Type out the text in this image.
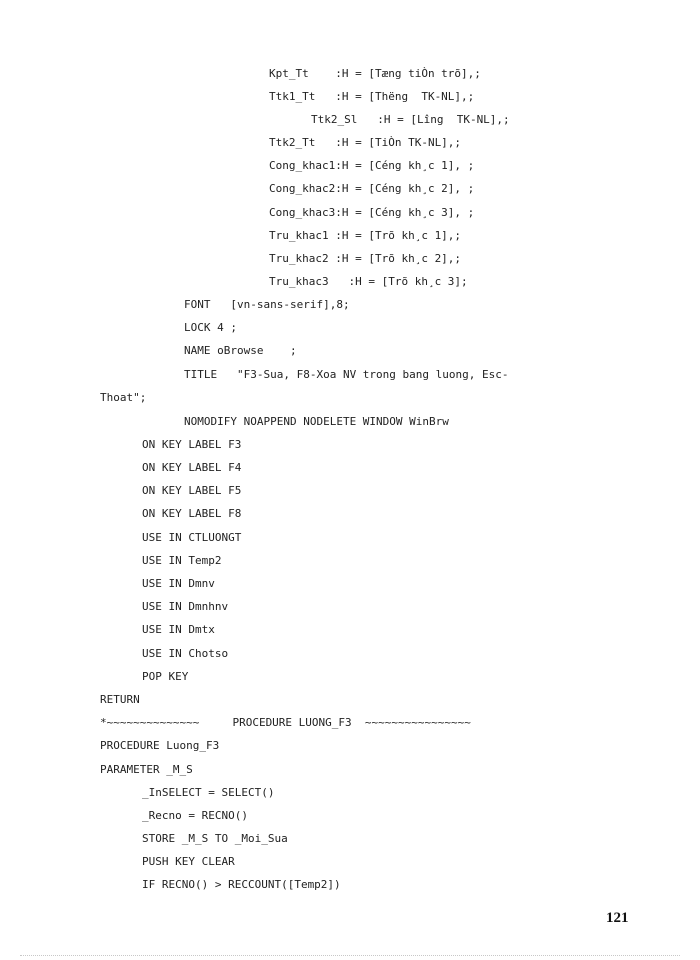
Kpt_Tt    :H = [Tæng tiÒn trõ],;
Ttk1_Tt   :H = [Thëng  TK-NL],;
Ttk2_Sl   :H = [Lîng  TK-NL],;
Ttk2_Tt   :H = [TiÒn TK-NL],;
Cong_khac1:H = [Céng kh¸c 1], ;
Cong_khac2:H = [Céng kh¸c 2], ;
Cong_khac3:H = [Céng kh¸c 3], ;
Tru_khac1 :H = [Trõ kh¸c 1],;
Tru_khac2 :H = [Trõ kh¸c 2],;
Tru_khac3   :H = [Trõ kh¸c 3];
FONT   [vn-sans-serif],8;
LOCK 4 ;
NAME oBrowse    ;
TITLE   "F3-Sua, F8-Xoa NV trong bang luong, Esc-
Thoat";
NOMODIFY NOAPPEND NODELETE WINDOW WinBrw
ON KEY LABEL F3
ON KEY LABEL F4
ON KEY LABEL F5
ON KEY LABEL F8
USE IN CTLUONGT
USE IN Temp2
USE IN Dmnv
USE IN Dmnhnv
USE IN Dmtx
USE IN Chotso
POP KEY
RETURN
*~~~~~~~~~~~~~~     PROCEDURE LUONG_F3  ~~~~~~~~~~~~~~~~
PROCEDURE Luong_F3
PARAMETER _M_S
_InSELECT = SELECT()
_Recno = RECNO()
STORE _M_S TO _Moi_Sua
PUSH KEY CLEAR
IF RECNO() > RECCOUNT([Temp2])
121
